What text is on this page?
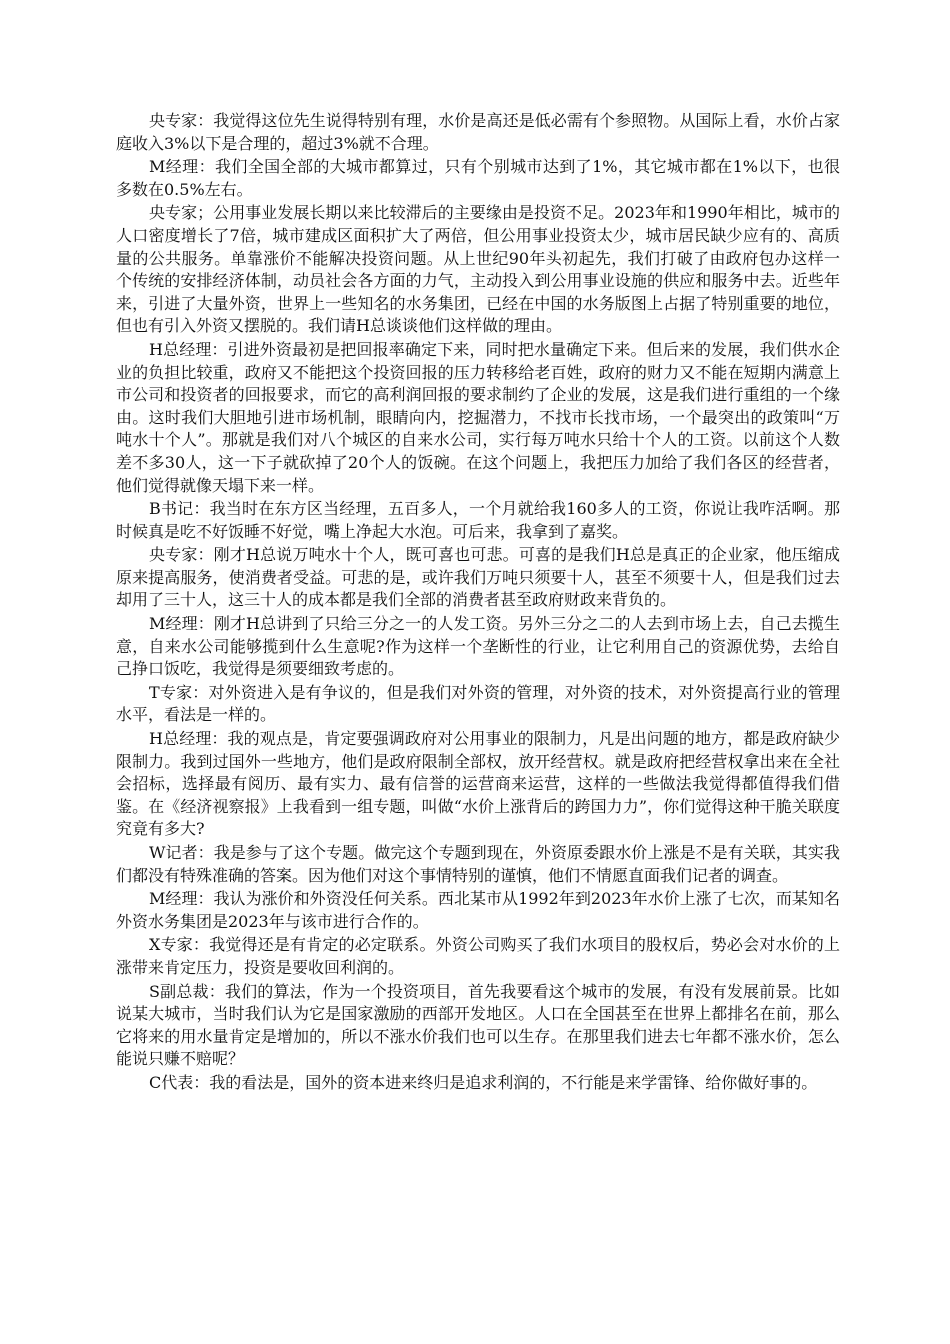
央专家：我觉得这位先生说得特别有理，水价是高还是低必需有个参照物。从国际上看，水价占家庭收入3%以下是合理的，超过3%就不合理。

M经理：我们全国全部的大城市都算过，只有个别城市达到了1%，其它城市都在1%以下，也很多数在0.5%左右。

央专家；公用事业发展长期以来比较滞后的主要缘由是投资不足。2023年和1990年相比，城市的人口密度增长了7倍，城市建成区面积扩大了两倍，但公用事业投资太少，城市居民缺少应有的、高质量的公共服务。单靠涨价不能解决投资问题。从上世纪90年头初起先，我们打破了由政府包办这样一个传统的安排经济体制，动员社会各方面的力气，主动投入到公用事业设施的供应和服务中去。近些年来，引进了大量外资，世界上一些知名的水务集团，已经在中国的水务版图上占据了特别重要的地位，但也有引入外资又摆脱的。我们请H总谈谈他们这样做的理由。

H总经理：引进外资最初是把回报率确定下来，同时把水量确定下来。但后来的发展，我们供水企业的负担比较重，政府又不能把这个投资回报的压力转移给老百姓，政府的财力又不能在短期内满意上市公司和投资者的回报要求，而它的高利润回报的要求制约了企业的发展，这是我们进行重组的一个缘由。这时我们大胆地引进市场机制，眼睛向内，挖掘潜力，不找市长找市场，一个最突出的政策叫“万吨水十个人”。那就是我们对八个城区的自来水公司，实行每万吨水只给十个人的工资。以前这个人数差不多30人，这一下子就砍掉了20个人的饭碗。在这个问题上，我把压力加给了我们各区的经营者，他们觉得就像天塌下来一样。

B书记：我当时在东方区当经理，五百多人，一个月就给我160多人的工资，你说让我咋活啊。那时候真是吃不好饭睡不好觉，嘴上净起大水泡。可后来，我拿到了嘉奖。

央专家：刚才H总说万吨水十个人，既可喜也可悲。可喜的是我们H总是真正的企业家，他压缩成原来提高服务，使消费者受益。可悲的是，或许我们万吨只须要十人，甚至不须要十人，但是我们过去却用了三十人，这三十人的成本都是我们全部的消费者甚至政府财政来背负的。

M经理：刚才H总讲到了只给三分之一的人发工资。另外三分之二的人去到市场上去，自己去揽生意，自来水公司能够揽到什么生意呢?作为这样一个垄断性的行业，让它利用自己的资源优势，去给自己挣口饭吃，我觉得是须要细致考虑的。

T专家：对外资进入是有争议的，但是我们对外资的管理，对外资的技术，对外资提高行业的管理水平，看法是一样的。

H总经理：我的观点是，肯定要强调政府对公用事业的限制力，凡是出问题的地方，都是政府缺少限制力。我到过国外一些地方，他们是政府限制全部权，放开经营权。就是政府把经营权拿出来在全社会招标，选择最有阅历、最有实力、最有信誉的运营商来运营，这样的一些做法我觉得都值得我们借鉴。在《经济视察报》上我看到一组专题，叫做“水价上涨背后的跨国力力”，你们觉得这种干脆关联度究竟有多大?

W记者：我是参与了这个专题。做完这个专题到现在，外资原委跟水价上涨是不是有关联，其实我们都没有特殊准确的答案。因为他们对这个事情特别的谨慎，他们不情愿直面我们记者的调查。

M经理：我认为涨价和外资没任何关系。西北某市从1992年到2023年水价上涨了七次，而某知名外资水务集团是2023年与该市进行合作的。

X专家：我觉得还是有肯定的必定联系。外资公司购买了我们水项目的股权后，势必会对水价的上涨带来肯定压力，投资是要收回利润的。

S副总裁：我们的算法，作为一个投资项目，首先我要看这个城市的发展，有没有发展前景。比如说某大城市，当时我们认为它是国家激励的西部开发地区。人口在全国甚至在世界上都排名在前，那么它将来的用水量肯定是增加的，所以不涨水价我们也可以生存。在那里我们进去七年都不涨水价，怎么能说只赚不赔呢？

C代表：我的看法是，国外的资本进来终归是追求利润的，不行能是来学雷锋、给你做好事的。
